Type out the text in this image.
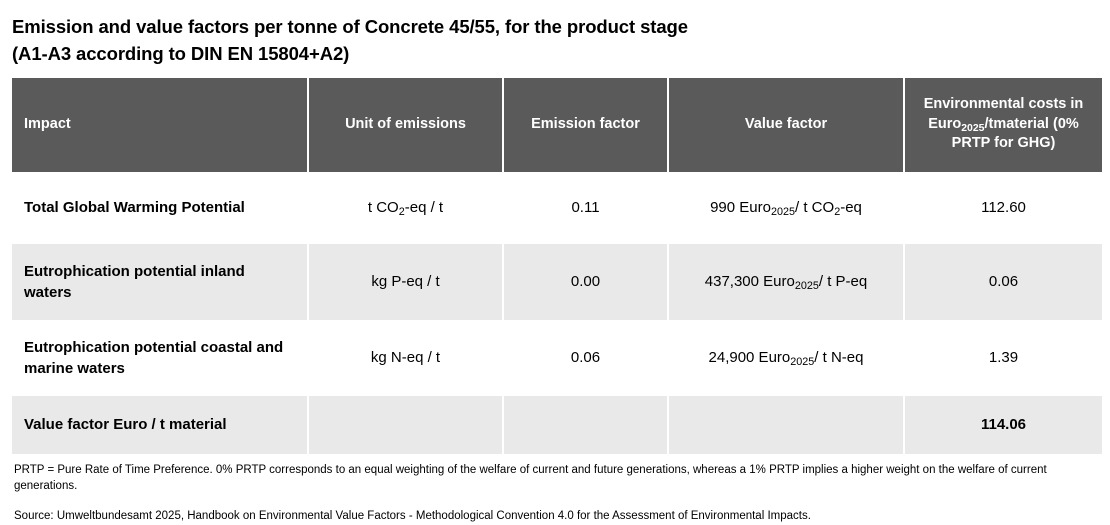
Emission and value factors per tonne of Concrete 45/55, for the product stage
(A1-A3 according to DIN EN 15804+A2)
Impact	Unit of emissions	Emission factor	Value factor	Environmental costs in Euro$_{2025}$/tmaterial (0% PRTP for GHG)
Total Global Warming Potential	t $CO_2-eq$ / t	0.11	990 Euro$_{2025}$/ t $CO_2-eq$	112.60
Eutrophication potential inland waters	kg P-eq / t	0.00	437,300 Euro$_{2025}$/ t P-eq	0.06
Eutrophication potential coastal and marine waters	kg N-eq / t	0.06	24,900 Euro$_{2025}$/ t N-eq	1.39
Value factor Euro / t material				114.06
PRTP = Pure Rate of Time Preference. 0% PRTP corresponds to an equal weighting of the welfare of current and future generations, whereas a 1% PRTP implies a higher weight on the welfare of current generations.
Source: Umweltbundesamt 2025, Handbook on Environmental Value Factors - Methodological Convention 4.0 for the Assessment of Environmental Impacts.
